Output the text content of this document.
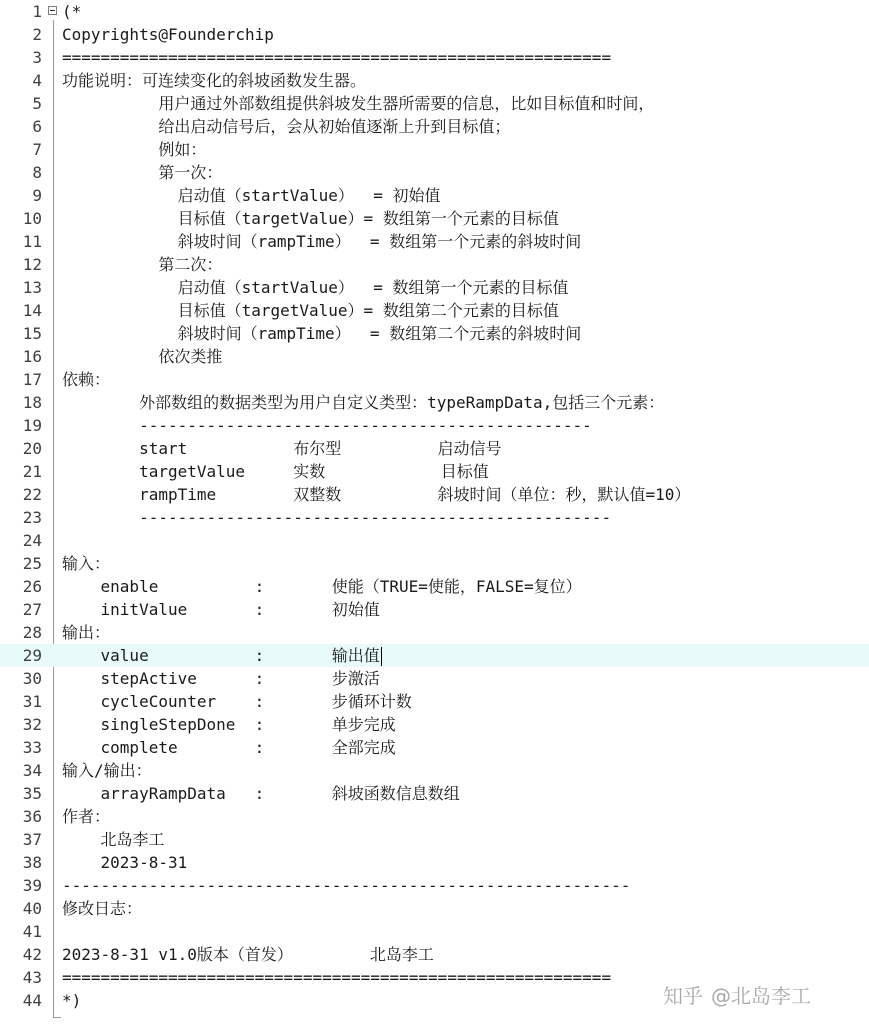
1 (*
2 Copyrights@Founderchip
3 =========================================================
4 功能说明：可连续变化的斜坡函数发生器。
5 用户通过外部数组提供斜坡发生器所需要的信息，比如目标值和时间，
6 给出启动信号后，会从初始值逐渐上升到目标值；
7 例如：
8 第一次：
9 启动值（startValue）  = 初始值
10 目标值（targetValue）= 数组第一个元素的目标值
11 斜坡时间（rampTime）  = 数组第一个元素的斜坡时间
12 第二次：
13 启动值（startValue）  = 数组第一个元素的目标值
14 目标值（targetValue）= 数组第二个元素的目标值
15 斜坡时间（rampTime）  = 数组第二个元素的斜坡时间
16 依次类推
17 依赖：
18 外部数组的数据类型为用户自定义类型：typeRampData,包括三个元素：
19 -----------------------------------------------
20 start           布尔型          启动信号
21 targetValue     实数            目标值
22 rampTime        双整数          斜坡时间（单位：秒，默认值=10）
23 -------------------------------------------------
24
25 输入：
26 enable          :       使能（TRUE=使能，FALSE=复位）
27 initValue       :       初始值
28 输出：
29 value           :       输出值
30 stepActive      :       步激活
31 cycleCounter    :       步循环计数
32 singleStepDone  :       单步完成
33 complete        :       全部完成
34 输入/输出：
35 arrayRampData   :       斜坡函数信息数组
36 作者：
37 北岛李工
38 2023-8-31
39 -----------------------------------------------------------
40 修改日志：
41
42 2023-8-31 v1.0版本（首发）        北岛李工
43 =========================================================
44 *)	知乎 @北岛李工
